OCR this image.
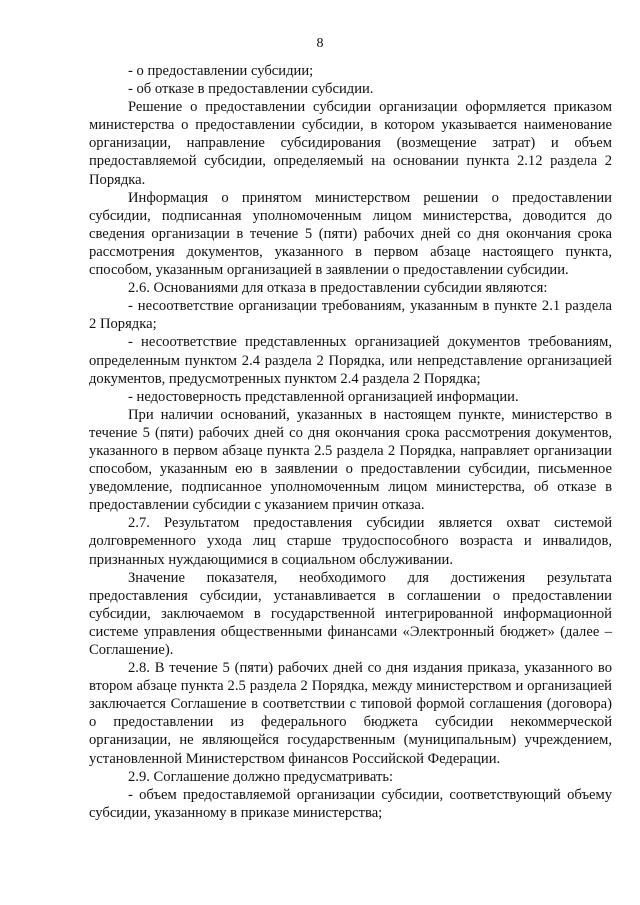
8

- о предоставлении субсидии;

- об отказе в предоставлении субсидии.

Решение о предоставлении субсидии организации оформляется приказом министерства о предоставлении субсидии, в котором указывается наименование организации, направление субсидирования (возмещение затрат) и объем предоставляемой субсидии, определяемый на основании пункта 2.12 раздела 2 Порядка.

Информация о принятом министерством решении о предоставлении субсидии, подписанная уполномоченным лицом министерства, доводится до сведения организации в течение 5 (пяти) рабочих дней со дня окончания срока рассмотрения документов, указанного в первом абзаце настоящего пункта, способом, указанным организацией в заявлении о предоставлении субсидии.

2.6. Основаниями для отказа в предоставлении субсидии являются:

- несоответствие организации требованиям, указанным в пункте 2.1 раздела 2 Порядка;

- несоответствие представленных организацией документов требованиям, определенным пунктом 2.4 раздела 2 Порядка, или непредставление организацией документов, предусмотренных пунктом 2.4 раздела 2 Порядка;

- недостоверность представленной организацией информации.

При наличии оснований, указанных в настоящем пункте, министерство в течение 5 (пяти) рабочих дней со дня окончания срока рассмотрения документов, указанного в первом абзаце пункта 2.5 раздела 2 Порядка, направляет организации способом, указанным ею в заявлении о предоставлении субсидии, письменное уведомление, подписанное уполномоченным лицом министерства, об отказе в предоставлении субсидии с указанием причин отказа.

2.7. Результатом предоставления субсидии является охват системой долговременного ухода лиц старше трудоспособного возраста и инвалидов, признанных нуждающимися в социальном обслуживании.

Значение показателя, необходимого для достижения результата предоставления субсидии, устанавливается в соглашении о предоставлении субсидии, заключаемом в государственной интегрированной информационной системе управления общественными финансами «Электронный бюджет» (далее – Соглашение).

2.8. В течение 5 (пяти) рабочих дней со дня издания приказа, указанного во втором абзаце пункта 2.5 раздела 2 Порядка, между министерством и организацией заключается Соглашение в соответствии с типовой формой соглашения (договора) о предоставлении из федерального бюджета субсидии некоммерческой организации, не являющейся государственным (муниципальным) учреждением, установленной Министерством финансов Российской Федерации.

2.9. Соглашение должно предусматривать:

- объем предоставляемой организации субсидии, соответствующий объему субсидии, указанному в приказе министерства;
